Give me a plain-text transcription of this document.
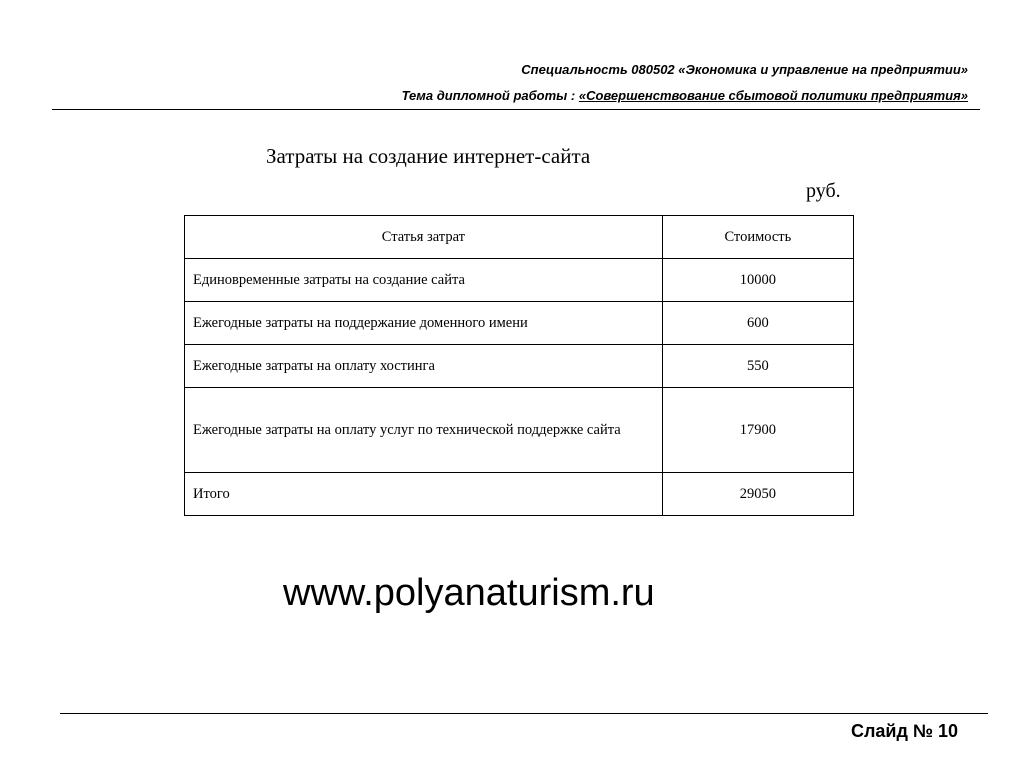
Специальность 080502 «Экономика и управление на предприятии»
Тема дипломной работы : «Совершенствование сбытовой политики предприятия»
Затраты на создание интернет-сайта
руб.
Статья затрат	Стоимость
Единовременные затраты на создание сайта	10000
Ежегодные затраты на поддержание доменного имени	600
Ежегодные затраты на оплату хостинга	550
Ежегодные затраты на оплату услуг по технической поддержке сайта	17900
Итого	29050
www.polyanaturism.ru
Слайд № 10
